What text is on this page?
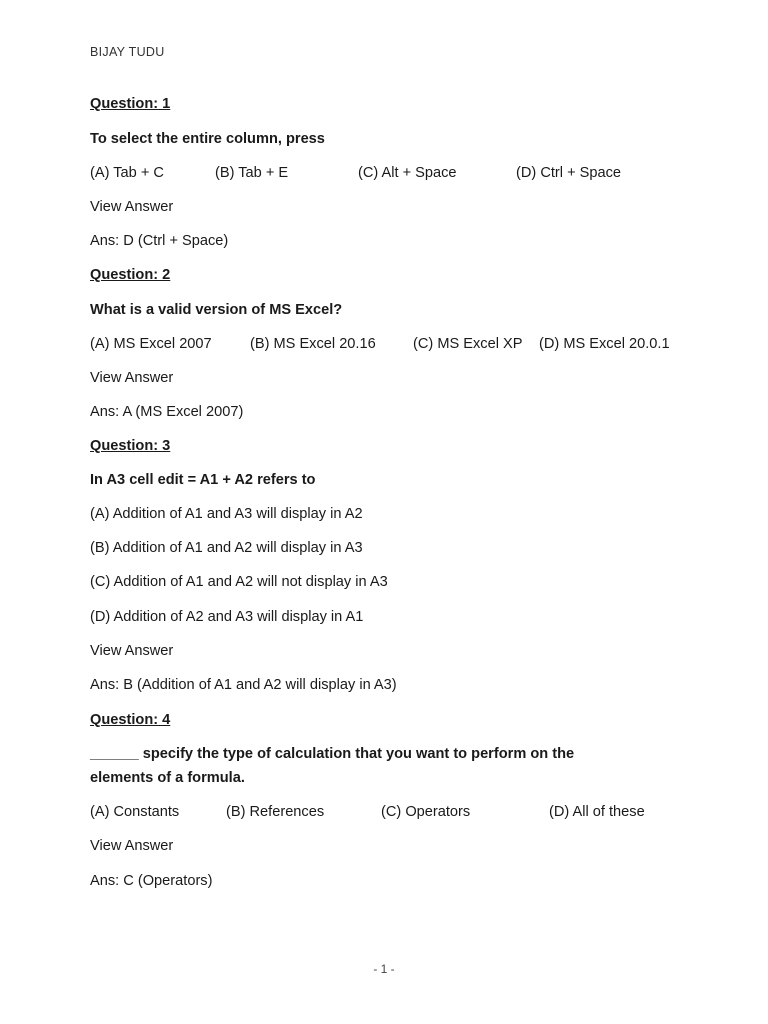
BIJAY TUDU
Question: 1
To select the entire column, press
(A) Tab + C	(B) Tab + E	(C) Alt + Space	(D) Ctrl + Space
View Answer
Ans: D (Ctrl + Space)
Question: 2
What is a valid version of MS Excel?
(A) MS Excel 2007	(B) MS Excel 20.16	(C) MS Excel XP (D) MS Excel 20.0.1
View Answer
Ans: A (MS Excel 2007)
Question: 3
In A3 cell edit = A1 + A2 refers to
(A) Addition of A1 and A3 will display in A2
(B) Addition of A1 and A2 will display in A3
(C) Addition of A1 and A2 will not display in A3
(D) Addition of A2 and A3 will display in A1
View Answer
Ans: B (Addition of A1 and A2 will display in A3)
Question: 4
______ specify the type of calculation that you want to perform on the
elements of a formula.
(A) Constants	(B) References	(C) Operators	(D) All of these
View Answer
Ans: C (Operators)
- 1 -
